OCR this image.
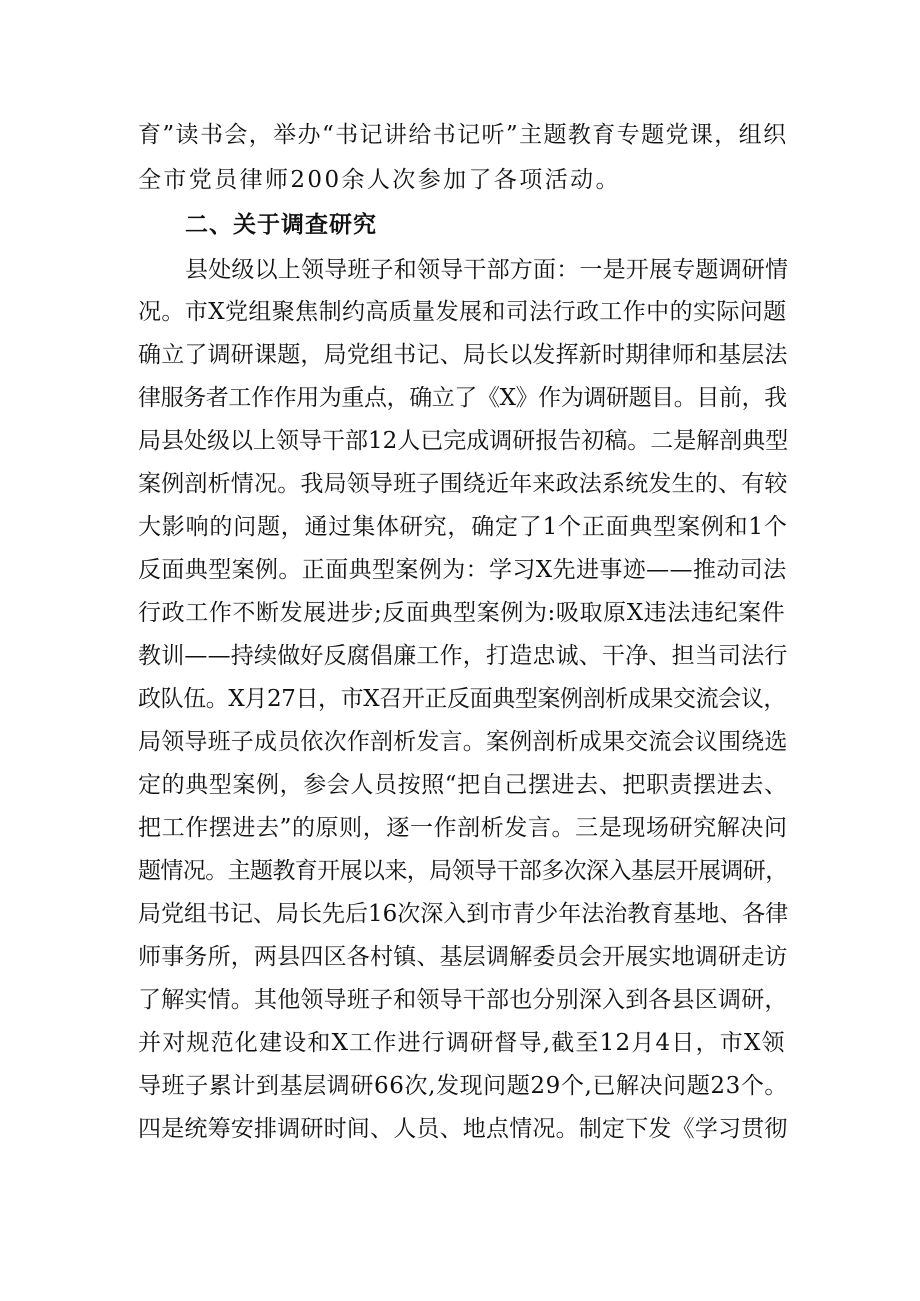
育”读书会，举办“书记讲给书记听”主题教育专题党课，组织
全市党员律师200余人次参加了各项活动。
二、关于调查研究
县处级以上领导班子和领导干部方面：一是开展专题调研情
况。市X党组聚焦制约高质量发展和司法行政工作中的实际问题
确立了调研课题，局党组书记、局长以发挥新时期律师和基层法
律服务者工作作用为重点，确立了《X》作为调研题目。目前，我
局县处级以上领导干部12人已完成调研报告初稿。二是解剖典型
案例剖析情况。我局领导班子围绕近年来政法系统发生的、有较
大影响的问题，通过集体研究，确定了1个正面典型案例和1个
反面典型案例。正面典型案例为：学习X先进事迹——推动司法
行政工作不断发展进步;反面典型案例为:吸取原X违法违纪案件
教训——持续做好反腐倡廉工作，打造忠诚、干净、担当司法行
政队伍。X月27日，市X召开正反面典型案例剖析成果交流会议，
局领导班子成员依次作剖析发言。案例剖析成果交流会议围绕选
定的典型案例，参会人员按照“把自己摆进去、把职责摆进去、
把工作摆进去”的原则，逐一作剖析发言。三是现场研究解决问
题情况。主题教育开展以来，局领导干部多次深入基层开展调研，
局党组书记、局长先后16次深入到市青少年法治教育基地、各律
师事务所，两县四区各村镇、基层调解委员会开展实地调研走访
了解实情。其他领导班子和领导干部也分别深入到各县区调研，
并对规范化建设和X工作进行调研督导,截至12月4日，市X领
导班子累计到基层调研66次,发现问题29个,已解决问题23个。
四是统筹安排调研时间、人员、地点情况。制定下发《学习贯彻
